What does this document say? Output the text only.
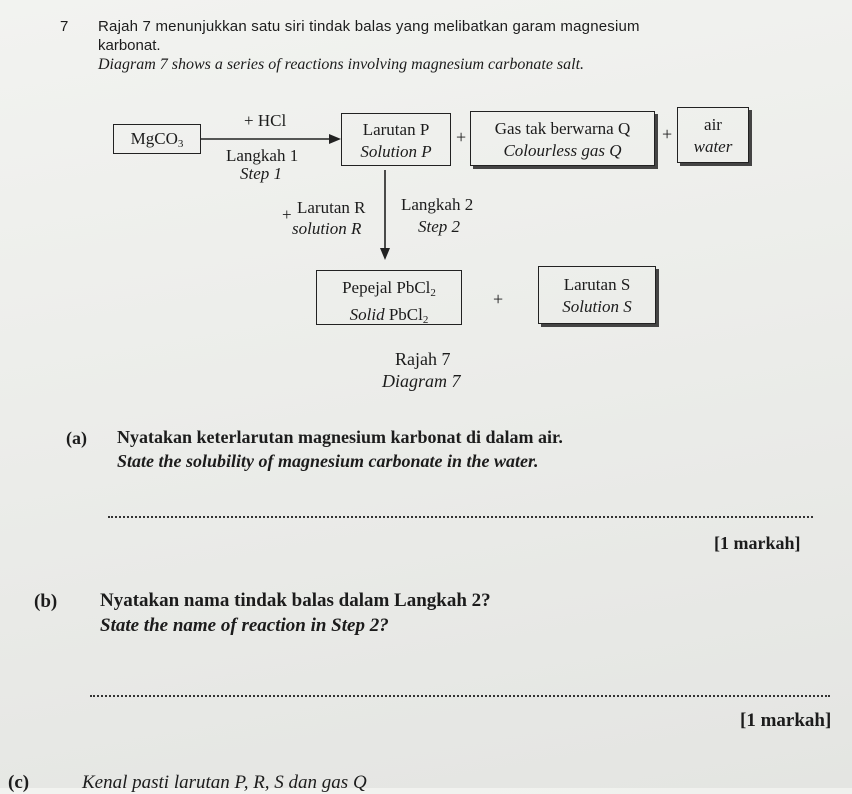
7 Rajah 7 menunjukkan satu siri tindak balas yang melibatkan garam magnesium
karbonat.
Diagram 7 shows a series of reactions involving magnesium carbonate salt.
MgCO$_3$
+ HCl
Langkah 1
Step 1
Larutan P
Solution P
+	Gas tak berwarna Q
Colourless gas Q
+	air
water
+ Larutan R
solution R
Langkah 2
Step 2
Pepejal PbCl$_2$
Solid PbCl$_2$
+
Larutan S
Solution S
Rajah 7
Diagram 7
(a) Nyatakan keterlarutan magnesium karbonat di dalam air.
State the solubility of magnesium carbonate in the water.
[1 markah]
(b) Nyatakan nama tindak balas dalam Langkah 2?
State the name of reaction in Step 2?
[1 markah]
(c)	Kenal pasti larutan P, R, S dan gas Q
